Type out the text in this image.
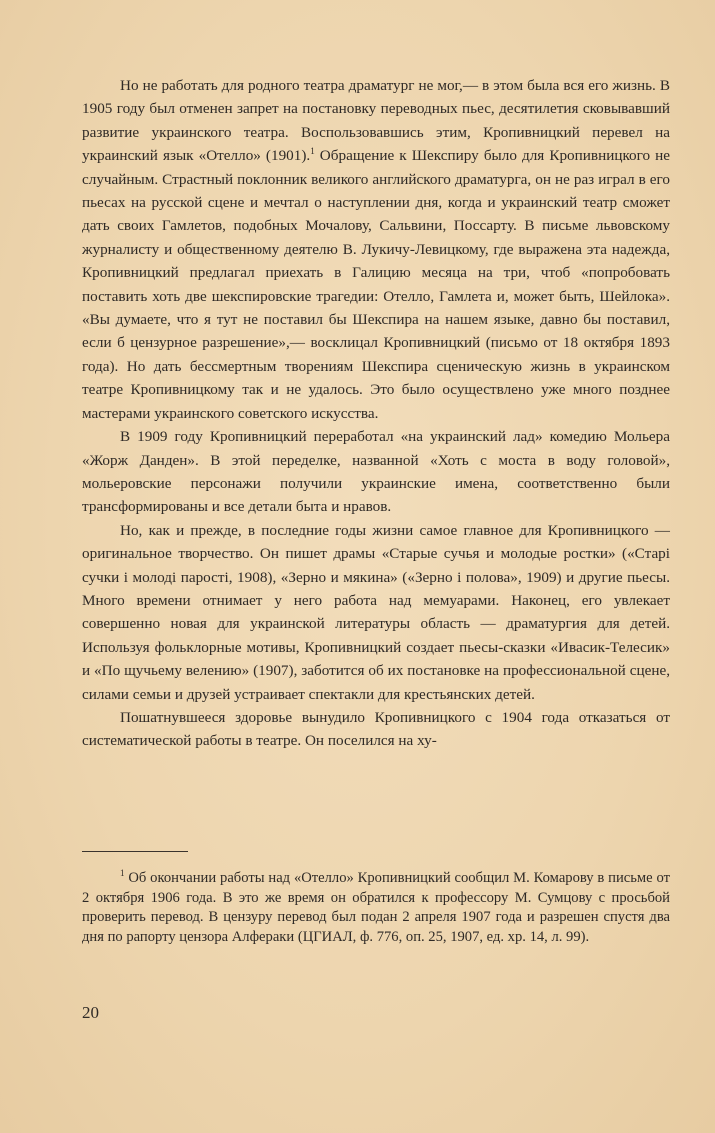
Но не работать для родного театра драматург не мог,— в этом была вся его жизнь. В 1905 году был отменен запрет на постановку переводных пьес, десятилетия сковывавший развитие украинского театра. Воспользовавшись этим, Кропивницкий перевел на украинский язык «Отелло» (1901).$^1$ Обращение к Шекспиру было для Кропивницкого не случайным. Страстный поклонник великого английского драматурга, он не раз играл в его пьесах на русской сцене и мечтал о наступлении дня, когда и украинский театр сможет дать своих Гамлетов, подобных Мочалову, Сальвини, Поссарту. В письме львовскому журналисту и общественному деятелю В. Лукичу-Левицкому, где выражена эта надежда, Кропивницкий предлагал приехать в Галицию месяца на три, чтоб «попробовать поставить хоть две шекспировские трагедии: Отелло, Гамлета и, может быть, Шейлока». «Вы думаете, что я тут не поставил бы Шекспира на нашем языке, давно бы поставил, если б цензурное разрешение»,— восклицал Кропивницкий (письмо от 18 октября 1893 года). Но дать бессмертным творениям Шекспира сценическую жизнь в украинском театре Кропивницкому так и не удалось. Это было осуществлено уже много позднее мастерами украинского советского искусства.

В 1909 году Кропивницкий переработал «на украинский лад» комедию Мольера «Жорж Данден». В этой переделке, названной «Хоть с моста в воду головой», мольеровские персонажи получили украинские имена, соответственно были трансформированы и все детали быта и нравов.

Но, как и прежде, в последние годы жизни самое главное для Кропивницкого — оригинальное творчество. Он пишет драмы «Старые сучья и молодые ростки» («Старі сучки і молоді парості, 1908), «Зерно и мякина» («Зерно і полова», 1909) и другие пьесы. Много времени отнимает у него работа над мемуарами. Наконец, его увлекает совершенно новая для украинской литературы область — драматургия для детей. Используя фольклорные мотивы, Кропивницкий создает пьесы-сказки «Ивасик-Телесик» и «По щучьему велению» (1907), заботится об их постановке на профессиональной сцене, силами семьи и друзей устраивает спектакли для крестьянских детей.

Пошатнувшееся здоровье вынудило Кропивницкого с 1904 года отказаться от систематической работы в театре. Он поселился на ху-

$^1$ Об окончании работы над «Отелло» Кропивницкий сообщил М. Комарову в письме от 2 октября 1906 года. В это же время он обратился к профессору М. Сумцову с просьбой проверить перевод. В цензуру перевод был подан 2 апреля 1907 года и разрешен спустя два дня по рапорту цензора Алфераки (ЦГИАЛ, ф. 776, оп. 25, 1907, ед. хр. 14, л. 99).

20
